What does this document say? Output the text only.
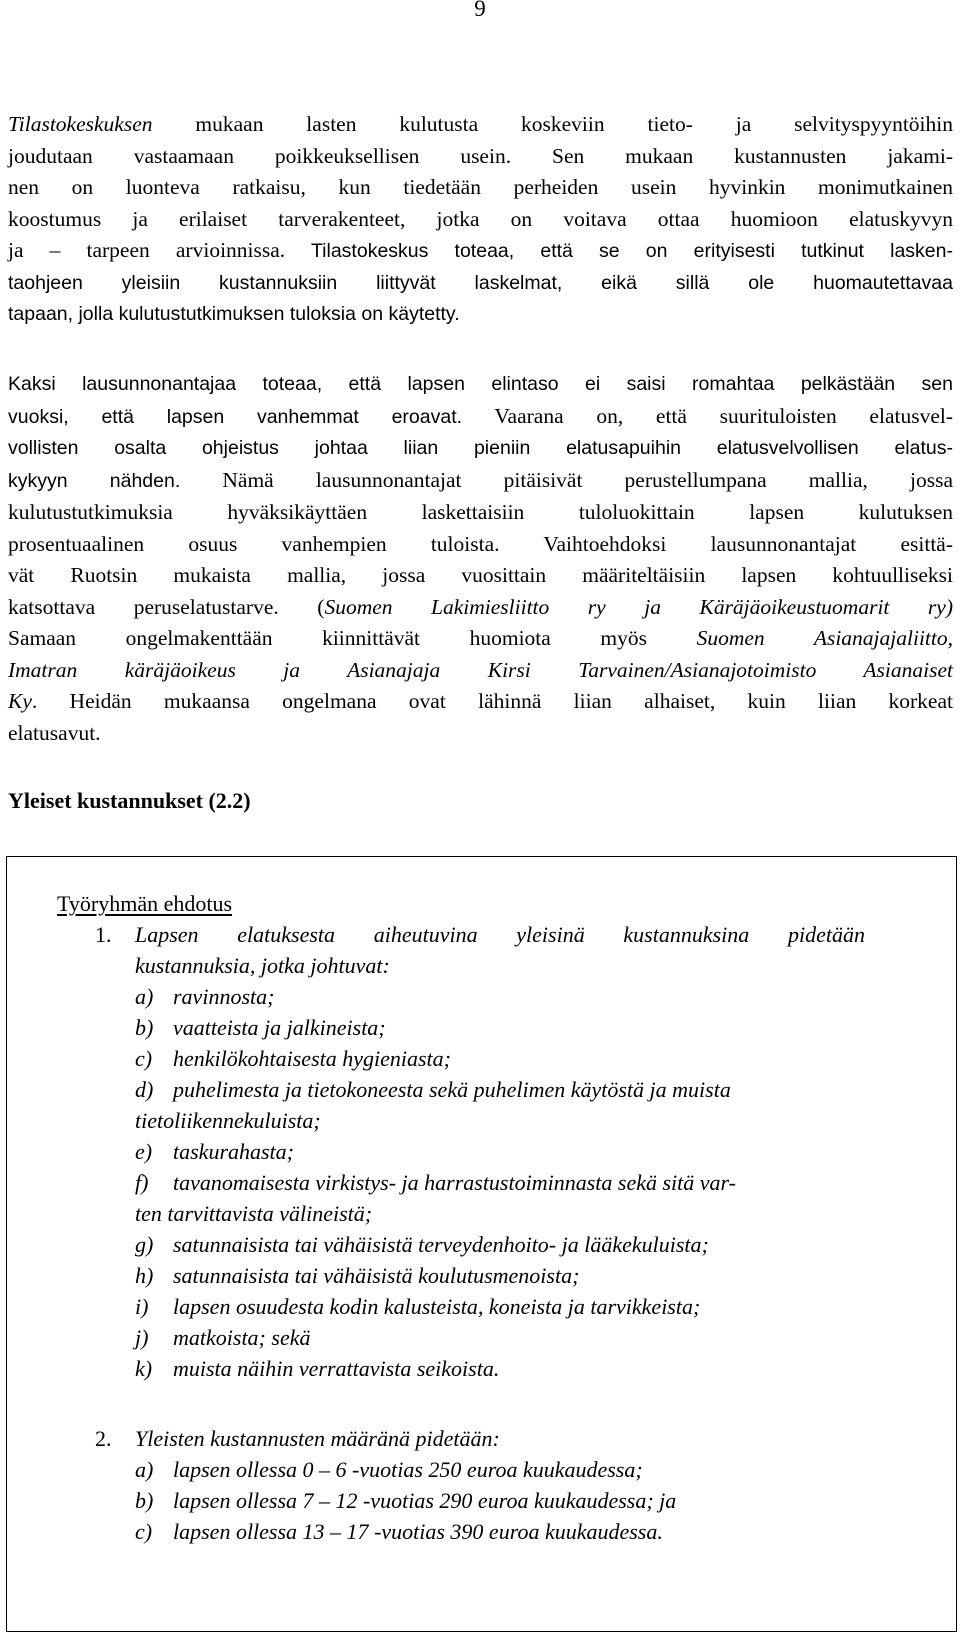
9
Tilastokeskuksen mukaan lasten kulutusta koskeviin tieto- ja selvityspyyntöihin
joudutaan vastaamaan poikkeuksellisen usein. Sen mukaan kustannusten jakami-
nen on luonteva ratkaisu, kun tiedetään perheiden usein hyvinkin monimutkainen
koostumus ja erilaiset tarverakenteet, jotka on voitava ottaa huomioon elatuskyvyn
ja – tarpeen arvioinnissa. Tilastokeskus toteaa, että se on erityisesti tutkinut lasken-
taohjeen yleisiin kustannuksiin liittyvät laskelmat, eikä sillä ole huomautettavaa
tapaan, jolla kulutustutkimuksen tuloksia on käytetty.
Kaksi lausunnonantajaa toteaa, että lapsen elintaso ei saisi romahtaa pelkästään sen
vuoksi, että lapsen vanhemmat eroavat. Vaarana on, että suurituloisten elatusvel-
vollisten osalta ohjeistus johtaa liian pieniin elatusapuihin elatusvelvollisen elatus-
kykyyn nähden. Nämä lausunnonantajat pitäisivät perustellumpana mallia, jossa
kulutustutkimuksia hyväksikäyttäen laskettaisiin tuloluokittain lapsen kulutuksen
prosentuaalinen osuus vanhempien tuloista. Vaihtoehdoksi lausunnonantajat esittä-
vät Ruotsin mukaista mallia, jossa vuosittain määriteltäisiin lapsen kohtuulliseksi
katsottava peruselatustarve. (Suomen Lakimiesliitto ry ja Käräjäoikeustuomarit ry)
Samaan ongelmakenttään kiinnittävät huomiota myös Suomen Asianajajaliitto,
Imatran käräjäoikeus ja Asianajaja Kirsi Tarvainen/Asianajotoimisto Asianaiset
Ky. Heidän mukaansa ongelmana ovat lähinnä liian alhaiset, kuin liian korkeat
elatusavut.
Yleiset kustannukset (2.2)

Työryhmän ehdotus

1. Lapsen elatuksesta aiheutuvina yleisinä kustannuksina pidetään
kustannuksia, jotka johtuvat:
a) ravinnosta;
b) vaatteista ja jalkineista;
c) henkilökohtaisesta hygieniasta;
d) puhelimesta ja tietokoneesta sekä puhelimen käytöstä ja muista
tietoliikennekuluista;
e) taskurahasta;
f) tavanomaisesta virkistys- ja harrastustoiminnasta sekä sitä var-
ten tarvittavista välineistä;
g) satunnaisista tai vähäisistä terveydenhoito- ja lääkekuluista;
h) satunnaisista tai vähäisistä koulutusmenoista;
i) lapsen osuudesta kodin kalusteista, koneista ja tarvikkeista;
j) matkoista; sekä
k) muista näihin verrattavista seikoista.
2. Yleisten kustannusten määränä pidetään:
a) lapsen ollessa 0 – 6 -vuotias 250 euroa kuukaudessa;
b) lapsen ollessa 7 – 12 -vuotias 290 euroa kuukaudessa; ja
c) lapsen ollessa 13 – 17 -vuotias 390 euroa kuukaudessa.
